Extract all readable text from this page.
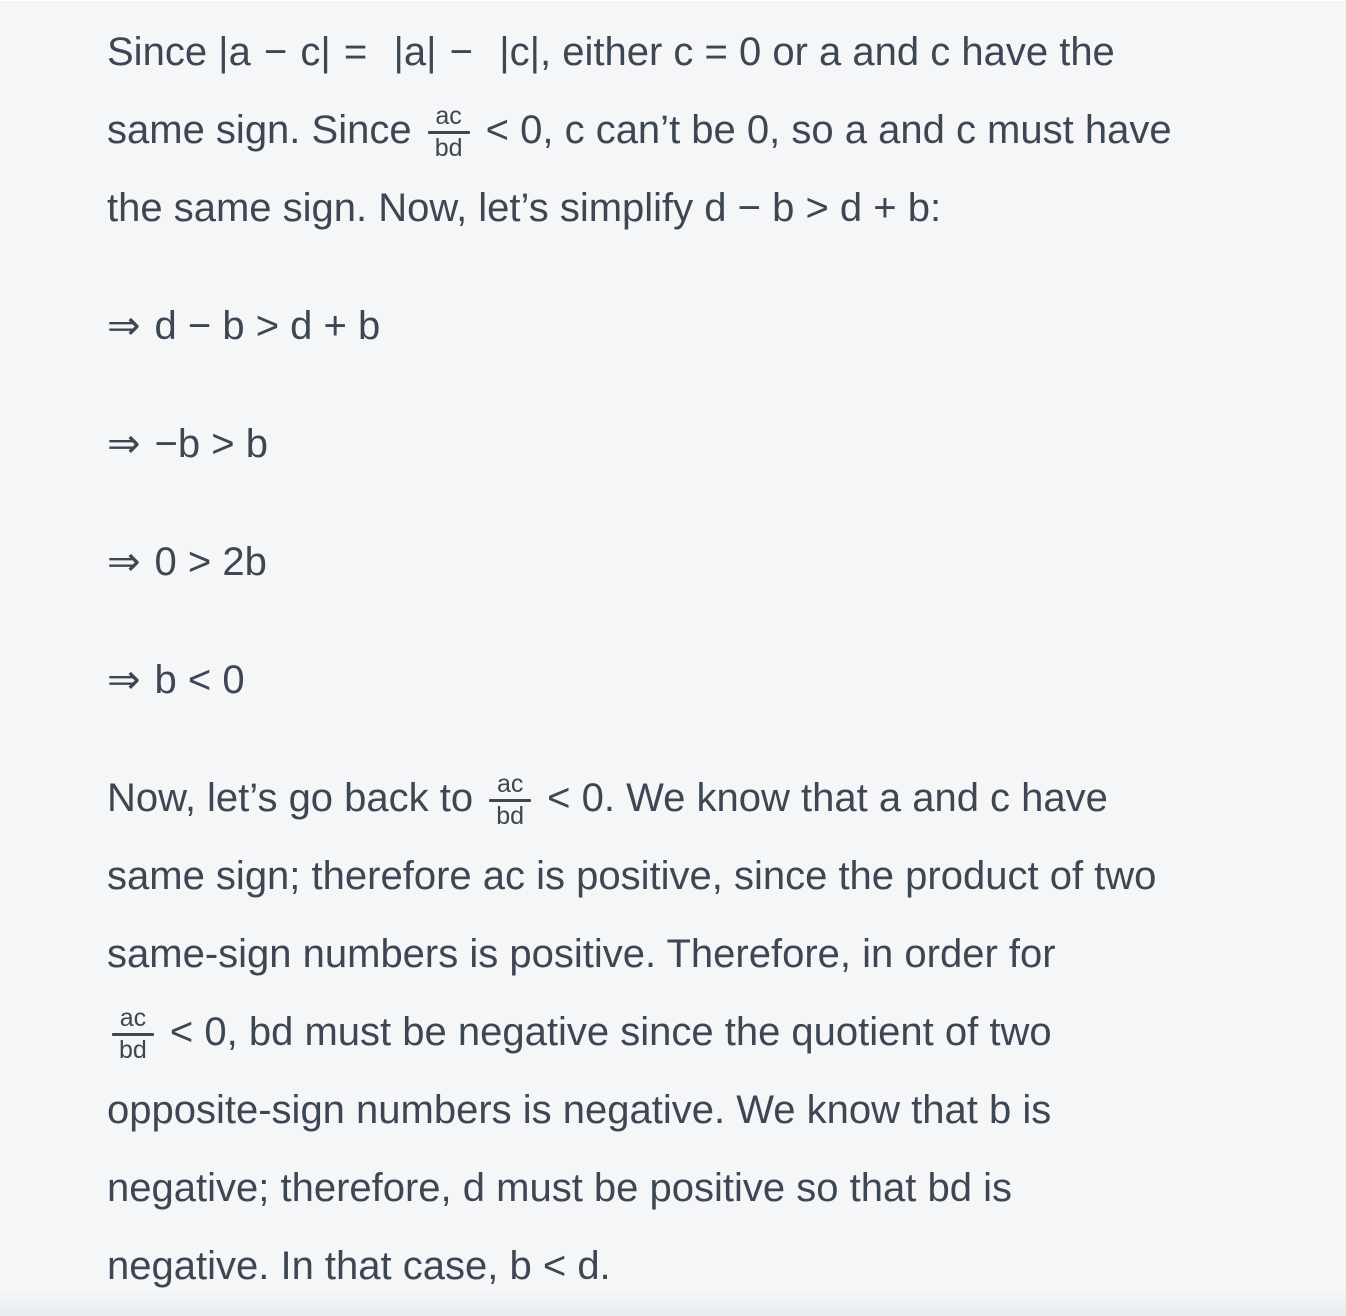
Since |a − c| =  |a| −  |c|, either c = 0 or a and c have the
same sign. Since $\frac{ac}{bd} < 0$, c can’t be 0, so a and c must have
the same sign. Now, let’s simplify d − b > d + b:
⇒ d − b > d + b
⇒ −b > b
⇒ 0 > 2b
⇒ b < 0
Now, let’s go back to $\frac{ac}{bd} < 0$. We know that a and c have
same sign; therefore ac is positive, since the product of two
same-sign numbers is positive. Therefore, in order for
$\frac{ac}{bd} < 0$, bd must be negative since the quotient of two
opposite-sign numbers is negative. We know that b is
negative; therefore, d must be positive so that bd is
negative. In that case, b < d.
